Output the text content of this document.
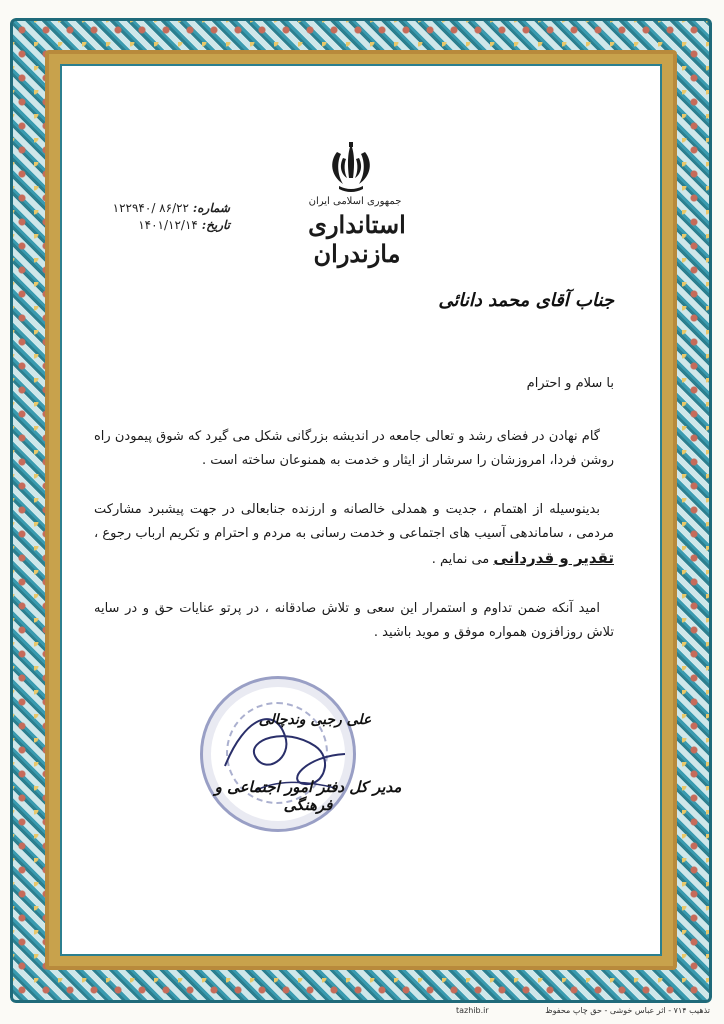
جمهوری اسلامی ایران
استانداری مازندران
شماره: ۸۶/۲۲ /۱۲۲۹۴۰
تاریخ: ۱۴۰۱/۱۲/۱۴
جناب آقای محمد دانائی
با سلام و احترام
گام نهادن در فضای رشد و تعالی جامعه در اندیشه بزرگانی شکل می گیرد که شوق پیمودن راه روشن فردا، امروزشان را سرشار از ایثار و خدمت به همنوعان ساخته است .
بدینوسیله از اهتمام ، جدیت و همدلی خالصانه و ارزنده جنابعالی در جهت پیشبرد مشارکت مردمی ، ساماندهی آسیب های اجتماعی و خدمت رسانی به مردم و احترام و تکریم ارباب رجوع ، تقدیر و قدردانی می نمایم .
امید آنکه ضمن تداوم و استمرار این سعی و تلاش صادقانه ، در پرتو عنایات حق و در سایه تلاش روزافزون همواره موفق و موید باشید .
علی رجبی وندچالی
مدیر کل دفتر امور اجتماعی و فرهنگی
tazhib.ir	تذهیب ۷۱۴ - اثر عباس خوشی - حق چاپ محفوظ
